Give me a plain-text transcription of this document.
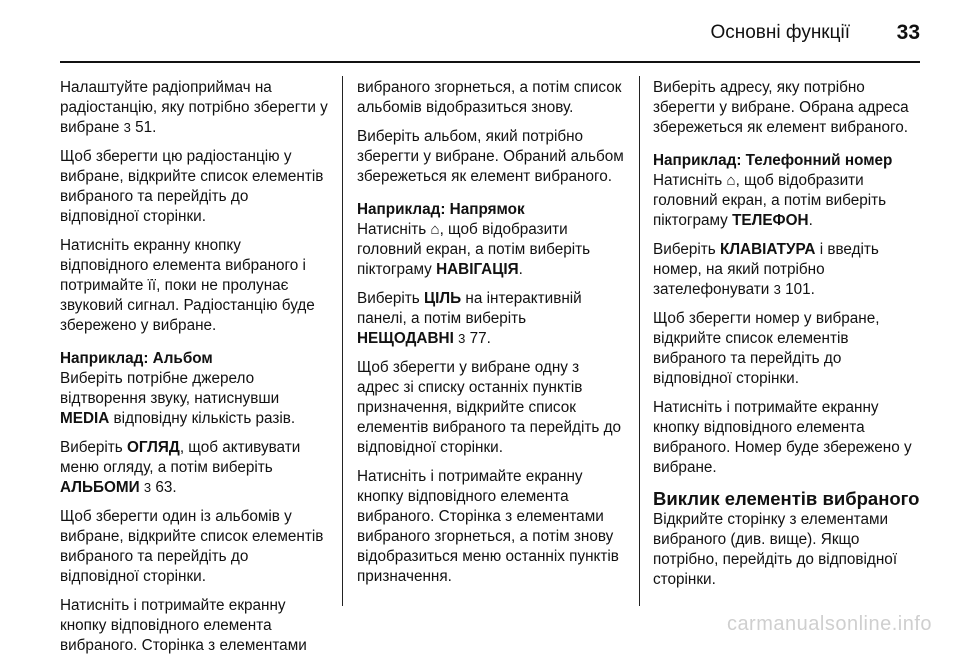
Основні функції 33

Налаштуйте радіоприймач на радіостанцію, яку потрібно зберегти у вибране 3 51.

Щоб зберегти цю радіостанцію у вибране, відкрийте список елементів вибраного та перейдіть до відповідної сторінки.

Натисніть екранну кнопку відповідного елемента вибраного і потримайте її, поки не пролунає звуковий сигнал. Радіостанцію буде збережено у вибране.

Наприклад: Альбом

Виберіть потрібне джерело відтворення звуку, натиснувши MEDIA відповідну кількість разів.

Виберіть ОГЛЯД, щоб активувати меню огляду, а потім виберіть АЛЬБОМИ 3 63.

Щоб зберегти один із альбомів у вибране, відкрийте список елементів вибраного та перейдіть до відповідної сторінки.

Натисніть і потримайте екранну кнопку відповідного елемента вибраного. Сторінка з елементами

вибраного згорнеться, а потім список альбомів відобразиться знову.

Виберіть альбом, який потрібно зберегти у вибране. Обраний альбом збережеться як елемент вибраного.

Наприклад: Напрямок

Натисніть ⌂, щоб відобразити головний екран, а потім виберіть піктограму НАВІГАЦІЯ.

Виберіть ЦІЛЬ на інтерактивній панелі, а потім виберіть НЕЩОДАВНІ 3 77.

Щоб зберегти у вибране одну з адрес зі списку останніх пунктів призначення, відкрийте список елементів вибраного та перейдіть до відповідної сторінки.

Натисніть і потримайте екранну кнопку відповідного елемента вибраного. Сторінка з елементами вибраного згорнеться, а потім знову відобразиться меню останніх пунктів призначення.

Виберіть адресу, яку потрібно зберегти у вибране. Обрана адреса збережеться як елемент вибраного.

Наприклад: Телефонний номер

Натисніть ⌂, щоб відобразити головний екран, а потім виберіть піктограму ТЕЛЕФОН.

Виберіть КЛАВІАТУРА і введіть номер, на який потрібно зателефонувати 3 101.

Щоб зберегти номер у вибране, відкрийте список елементів вибраного та перейдіть до відповідної сторінки.

Натисніть і потримайте екранну кнопку відповідного елемента вибраного. Номер буде збережено у вибране.

Виклик елементів вибраного

Відкрийте сторінку з елементами вибраного (див. вище). Якщо потрібно, перейдіть до відповідної сторінки.

carmanualsonline.info
